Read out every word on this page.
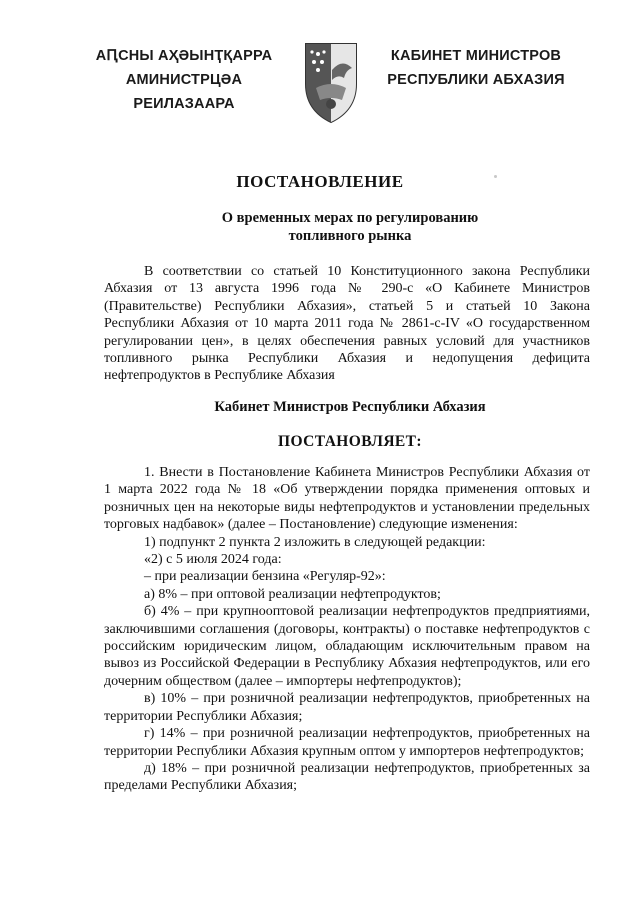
АԤСНЫ АҲӘЫНҬҚАРРА
АМИНИСТРЦӘА РЕИЛАЗААРА
КАБИНЕТ МИНИСТРОВ
РЕСПУБЛИКИ АБХАЗИЯ
ПОСТАНОВЛЕНИЕ
О временных мерах по регулированию
топливного рынка

В соответствии со статьей 10 Конституционного закона Республики Абхазия от 13 августа 1996 года № 290-с «О Кабинете Министров (Правительстве) Республики Абхазия», статьей 5 и статьей 10 Закона Республики Абхазия от 10 марта 2011 года № 2861-с-IV «О государственном регулировании цен», в целях обеспечения равных условий для участников топливного рынка Республики Абхазия и недопущения дефицита нефтепродуктов в Республике Абхазия

Кабинет Министров Республики Абхазия
ПОСТАНОВЛЯЕТ:

1. Внести в Постановление Кабинета Министров Республики Абхазия от 1 марта 2022 года № 18 «Об утверждении порядка применения оптовых и розничных цен на некоторые виды нефтепродуктов и установлении предельных торговых надбавок» (далее – Постановление) следующие изменения:

1) подпункт 2 пункта 2 изложить в следующей редакции:

«2) с 5 июля 2024 года:

– при реализации бензина «Регуляр-92»:

а) 8% – при оптовой реализации нефтепродуктов;

б) 4% – при крупнооптовой реализации нефтепродуктов предприятиями, заключившими соглашения (договоры, контракты) о поставке нефтепродуктов с российским юридическим лицом, обладающим исключительным правом на вывоз из Российской Федерации в Республику Абхазия нефтепродуктов, или его дочерним обществом (далее – импортеры нефтепродуктов);

в) 10% – при розничной реализации нефтепродуктов, приобретенных на территории Республики Абхазия;

г) 14% – при розничной реализации нефтепродуктов, приобретенных на территории Республики Абхазия крупным оптом у импортеров нефтепродуктов;

д) 18% – при розничной реализации нефтепродуктов, приобретенных за пределами Республики Абхазия;
